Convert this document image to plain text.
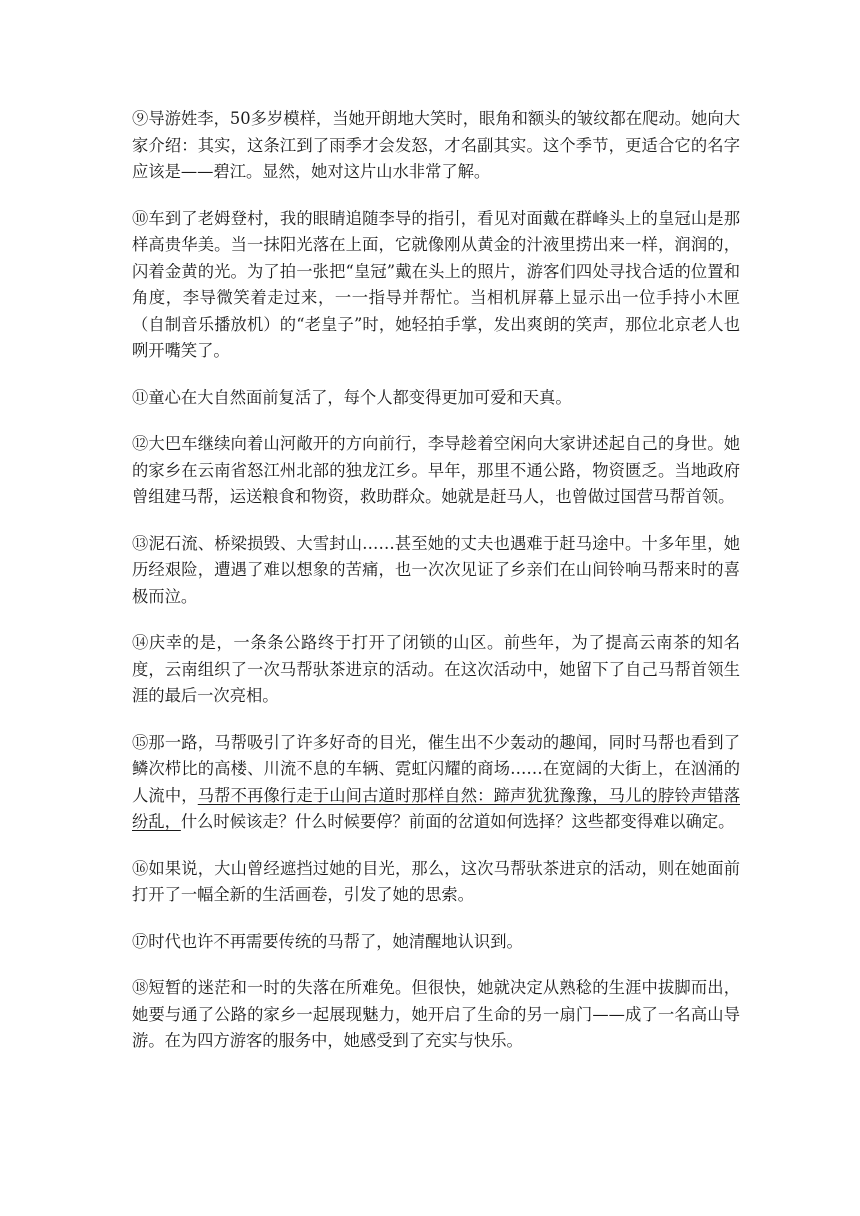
⑨导游姓李，50多岁模样，当她开朗地大笑时，眼角和额头的皱纹都在爬动。她向大家介绍：其实，这条江到了雨季才会发怒，才名副其实。这个季节，更适合它的名字应该是——碧江。显然，她对这片山水非常了解。

⑩车到了老姆登村，我的眼睛追随李导的指引，看见对面戴在群峰头上的皇冠山是那样高贵华美。当一抹阳光落在上面，它就像刚从黄金的汁液里捞出来一样，润润的，闪着金黄的光。为了拍一张把“皇冠”戴在头上的照片，游客们四处寻找合适的位置和角度，李导微笑着走过来，一一指导并帮忙。当相机屏幕上显示出一位手持小木匣（自制音乐播放机）的“老皇子”时，她轻拍手掌，发出爽朗的笑声，那位北京老人也咧开嘴笑了。

⑪童心在大自然面前复活了，每个人都变得更加可爱和天真。

⑫大巴车继续向着山河敞开的方向前行，李导趁着空闲向大家讲述起自己的身世。她的家乡在云南省怒江州北部的独龙江乡。早年，那里不通公路，物资匮乏。当地政府曾组建马帮，运送粮食和物资，救助群众。她就是赶马人，也曾做过国营马帮首领。

⑬泥石流、桥梁损毁、大雪封山……甚至她的丈夫也遇难于赶马途中。十多年里，她历经艰险，遭遇了难以想象的苦痛，也一次次见证了乡亲们在山间铃响马帮来时的喜极而泣。

⑭庆幸的是，一条条公路终于打开了闭锁的山区。前些年，为了提高云南茶的知名度，云南组织了一次马帮驮茶进京的活动。在这次活动中，她留下了自己马帮首领生涯的最后一次亮相。

⑮那一路，马帮吸引了许多好奇的目光，催生出不少轰动的趣闻，同时马帮也看到了鳞次栉比的高楼、川流不息的车辆、霓虹闪耀的商场……在宽阔的大街上，在汹涌的人流中，马帮不再像行走于山间古道时那样自然：蹄声犹犹豫豫，马儿的脖铃声错落纷乱，什么时候该走？什么时候要停？前面的岔道如何选择？这些都变得难以确定。

⑯如果说，大山曾经遮挡过她的目光，那么，这次马帮驮茶进京的活动，则在她面前打开了一幅全新的生活画卷，引发了她的思索。

⑰时代也许不再需要传统的马帮了，她清醒地认识到。

⑱短暂的迷茫和一时的失落在所难免。但很快，她就决定从熟稔的生涯中拔脚而出，她要与通了公路的家乡一起展现魅力，她开启了生命的另一扇门——成了一名高山导游。在为四方游客的服务中，她感受到了充实与快乐。
